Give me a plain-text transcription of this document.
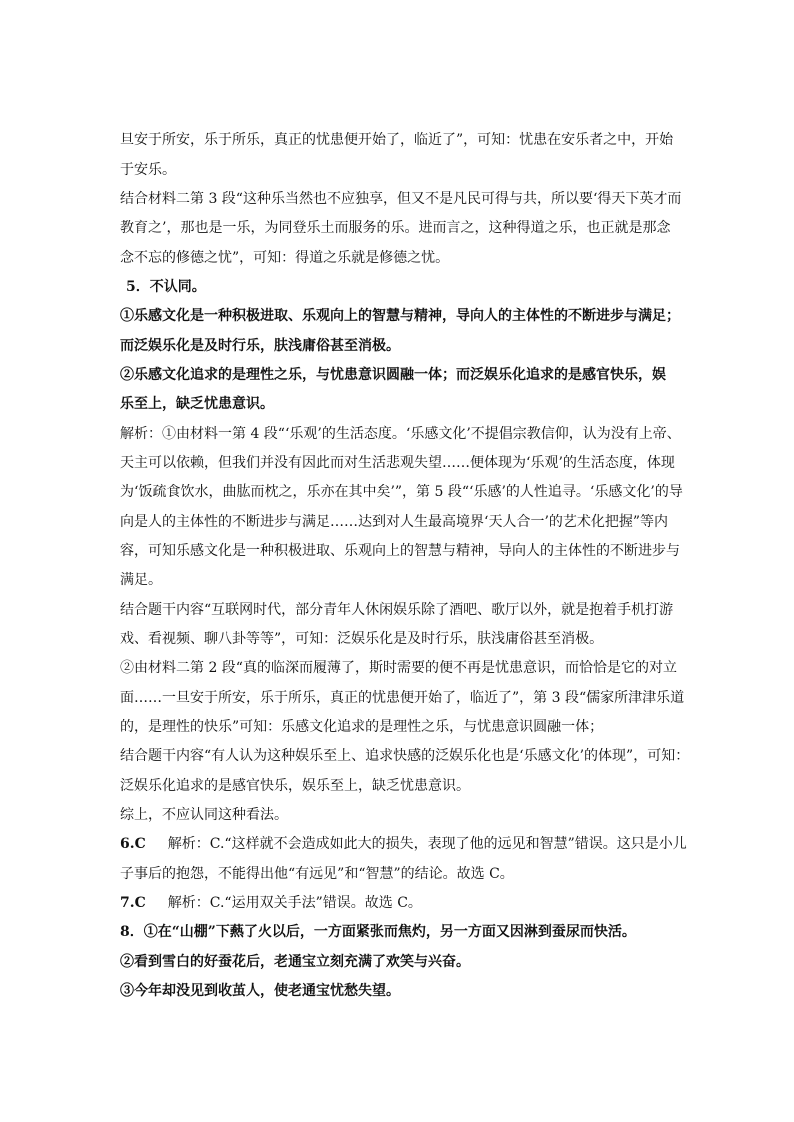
旦安于所安，乐于所乐，真正的忧患便开始了，临近了”，可知：忧患在安乐者之中，开始
于安乐。
结合材料二第 3 段“这种乐当然也不应独享，但又不是凡民可得与共，所以要‘得天下英才而
教育之’，那也是一乐，为同登乐土而服务的乐。进而言之，这种得道之乐，也正就是那念
念不忘的修德之忧”，可知：得道之乐就是修德之忧。
5．不认同。
①乐感文化是一种积极进取、乐观向上的智慧与精神，导向人的主体性的不断进步与满足；
而泛娱乐化是及时行乐，肤浅庸俗甚至消极。
②乐感文化追求的是理性之乐，与忧患意识圆融一体；而泛娱乐化追求的是感官快乐，娱
乐至上，缺乏忧患意识。
解析：①由材料一第 4 段“‘乐观’的生活态度。‘乐感文化’不提倡宗教信仰，认为没有上帝、
天主可以依赖，但我们并没有因此而对生活悲观失望……便体现为‘乐观’的生活态度，体现
为‘饭疏食饮水，曲肱而枕之，乐亦在其中矣’”，第 5 段“‘乐感’的人性追寻。‘乐感文化’的导
向是人的主体性的不断进步与满足……达到对人生最高境界‘天人合一’的艺术化把握”等内
容，可知乐感文化是一种积极进取、乐观向上的智慧与精神，导向人的主体性的不断进步与
满足。
结合题干内容“互联网时代，部分青年人休闲娱乐除了酒吧、歌厅以外，就是抱着手机打游
戏、看视频、聊八卦等等”，可知：泛娱乐化是及时行乐，肤浅庸俗甚至消极。
②由材料二第 2 段“真的临深而履薄了，斯时需要的便不再是忧患意识，而恰恰是它的对立
面……一旦安于所安，乐于所乐，真正的忧患便开始了，临近了”，第 3 段“儒家所津津乐道
的，是理性的快乐”可知：乐感文化追求的是理性之乐，与忧患意识圆融一体；
结合题干内容“有人认为这种娱乐至上、追求快感的泛娱乐化也是‘乐感文化’的体现”，可知：
泛娱乐化追求的是感官快乐，娱乐至上，缺乏忧患意识。
综上，不应认同这种看法。
6.C 解析：C.“这样就不会造成如此大的损失，表现了他的远见和智慧”错误。这只是小儿
子事后的抱怨，不能得出他“有远见”和“智慧”的结论。故选 C。
7.C 解析：C.“运用双关手法”错误。故选 C。
8．①在“山棚”下爇了火以后，一方面紧张而焦灼，另一方面又因淋到蚕尿而快活。
②看到雪白的好蚕花后，老通宝立刻充满了欢笑与兴奋。
③今年却没见到收茧人，使老通宝忧愁失望。
